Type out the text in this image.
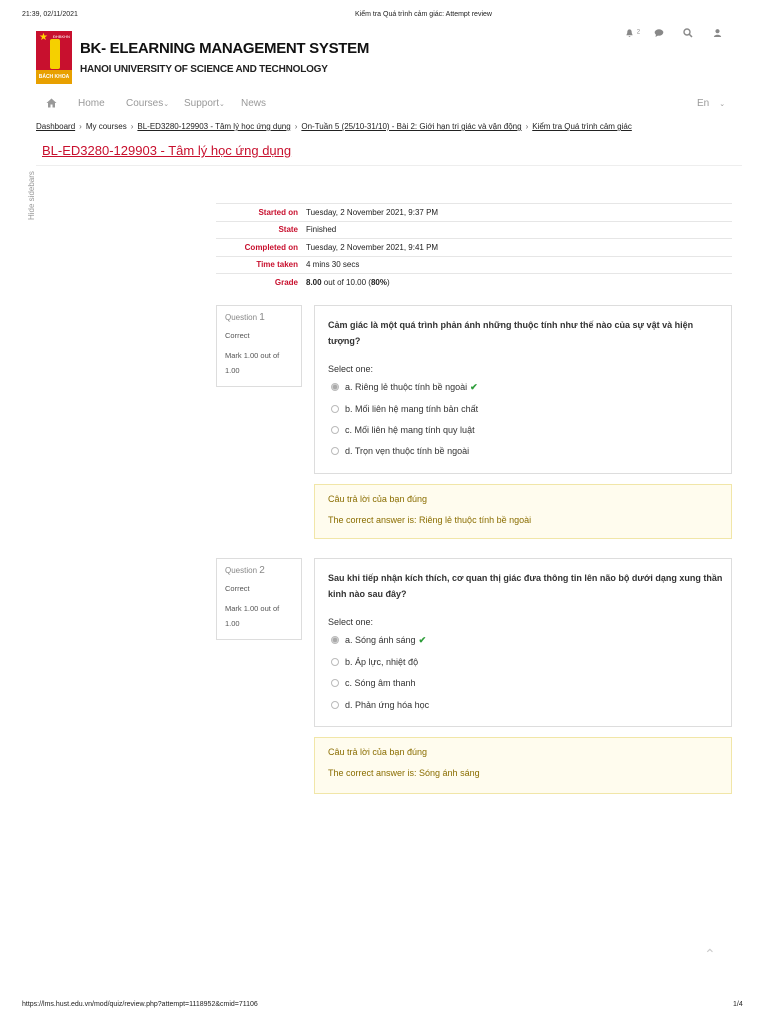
21:39, 02/11/2021	Kiểm tra Quá trình cảm giác: Attempt review
★ ĐHBKHN
BÁCH KHOA
BK- ELEARNING MANAGEMENT SYSTEM
HANOI UNIVERSITY OF SCIENCE AND TECHNOLOGY
$^2$
Home Courses⌄ Support⌄ News	En ⌄
Dashboard › My courses › BL-ED3280-129903 - Tâm lý học ứng dụng › On-Tuần 5 (25/10-31/10) - Bài 2: Giới hạn tri giác và vận động › Kiểm tra Quá trình cảm giác
BL-ED3280-129903 - Tâm lý học ứng dụng
Hide sidebars	Started on	Tuesday, 2 November 2021, 9:37 PM
State	Finished
Completed on	Tuesday, 2 November 2021, 9:41 PM
Time taken	4 mins 30 secs
Grade	8.00 out of 10.00 (80%)
Question 1
Correct
Mark 1.00 out of 1.00
Cảm giác là một quá trình phản ánh những thuộc tính như thế nào của sự vật và hiện tượng?
Select one:
a. Riêng lẻ thuộc tính bề ngoài ✔
b. Mối liên hệ mang tính bản chất
c. Mối liên hệ mang tính quy luật
d. Trọn vẹn thuộc tính bề ngoài
Câu trả lời của bạn đúng
The correct answer is: Riêng lẻ thuộc tính bề ngoài
Question 2
Correct
Mark 1.00 out of 1.00
Sau khi tiếp nhận kích thích, cơ quan thị giác đưa thông tin lên não bộ dưới dạng xung thần kinh nào sau đây?
Select one:
a. Sóng ánh sáng ✔
b. Áp lực, nhiệt độ
c. Sóng âm thanh
d. Phản ứng hóa học
Câu trả lời của bạn đúng
The correct answer is: Sóng ánh sáng
⌃
https://lms.hust.edu.vn/mod/quiz/review.php?attempt=1118952&cmid=71106	1/4
